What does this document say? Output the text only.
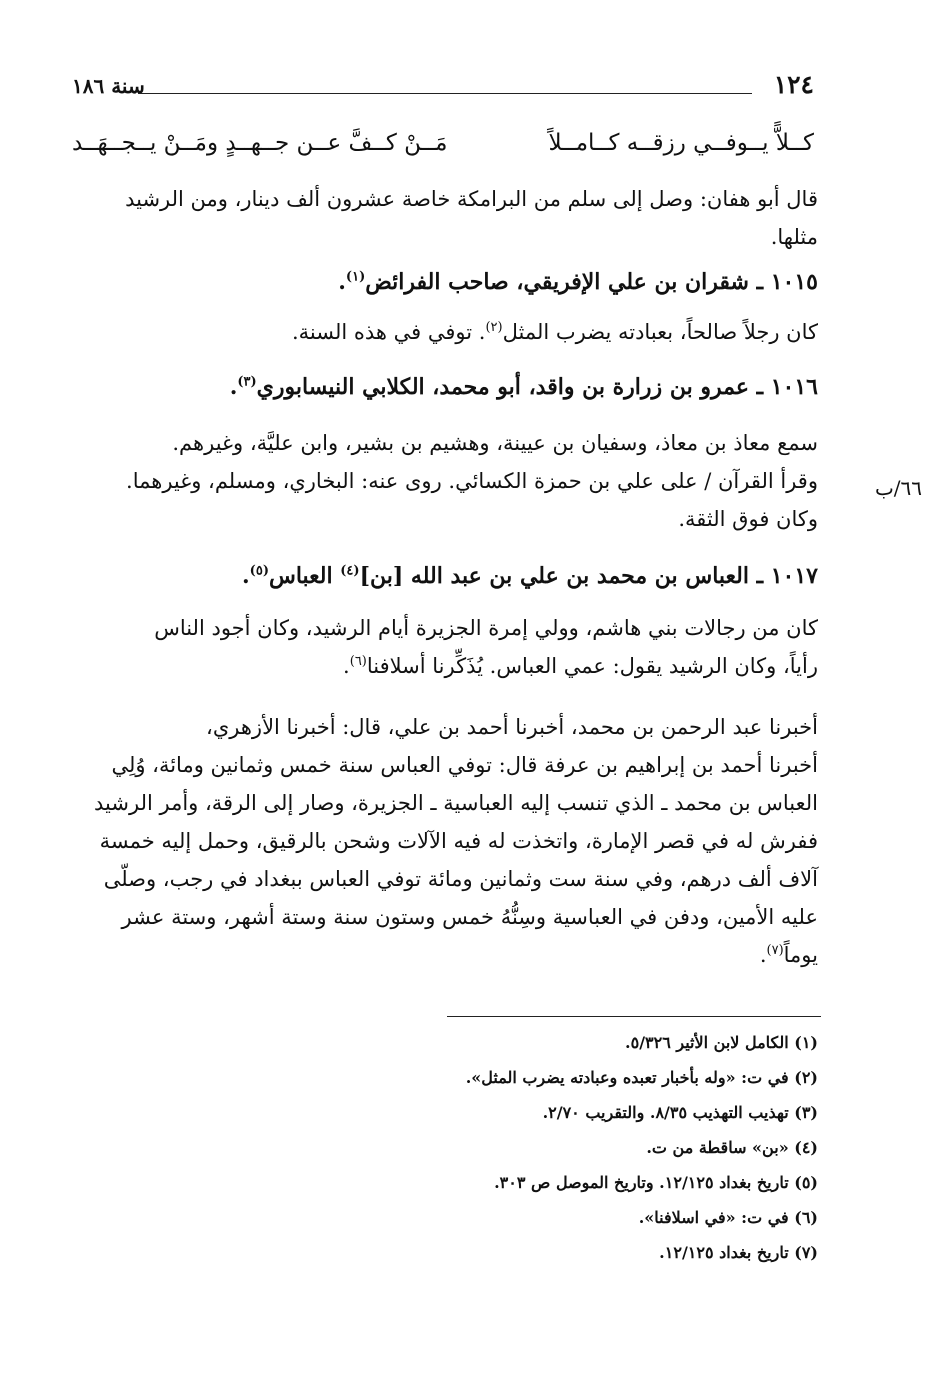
١٢٤
سنة ١٨٦
كــلاًّ يــوفــي رزقــه كــامــلاً
مَــنْ كــفَّ عــن جــهــدٍ ومَــنْ يــجــهَــد
قال أبو هفان: وصل إلى سلم من البرامكة خاصة عشرون ألف دينار، ومن الرشيد
مثلها.
١٠١٥ ـ شقران بن علي الإفريقي، صاحب الفرائض$^{(١)}$.
كان رجلاً صالحاً، بعبادته يضرب المثل$^{(٢)}$. توفي في هذه السنة.
١٠١٦ ـ عمرو بن زرارة بن واقد، أبو محمد، الكلابي النيسابوري$^{(٣)}$.
سمع معاذ بن معاذ، وسفيان بن عيينة، وهشيم بن بشير، وابن عليَّة، وغيرهم.
وقرأ القرآن / على علي بن حمزة الكسائي. روى عنه: البخاري، ومسلم، وغيرهما.
وكان فوق الثقة.
٦٦/ب
١٠١٧ ـ العباس بن محمد بن علي بن عبد الله [بن]$^{(٤)}$ العباس$^{(٥)}$.
كان من رجالات بني هاشم، وولي إمرة الجزيرة أيام الرشيد، وكان أجود الناس
رأياً، وكان الرشيد يقول: عمي العباس. يُذَكِّرنا أسلافنا$^{(٦)}$.
أخبرنا عبد الرحمن بن محمد، أخبرنا أحمد بن علي، قال: أخبرنا الأزهري،
أخبرنا أحمد بن إبراهيم بن عرفة قال: توفي العباس سنة خمس وثمانين ومائة، وُلِي
العباس بن محمد ـ الذي تنسب إليه العباسية ـ الجزيرة، وصار إلى الرقة، وأمر الرشيد
ففرش له في قصر الإمارة، واتخذت له فيه الآلات وشحن بالرقيق، وحمل إليه خمسة
آلاف ألف درهم، وفي سنة ست وثمانين ومائة توفي العباس ببغداد في رجب، وصلّى
عليه الأمين، ودفن في العباسية وسِنُّهُ خمس وستون سنة وستة أشهر، وستة عشر
يوماً$^{(٧)}$.
(١) الكامل لابن الأثير ٥/٣٢٦.
(٢) في ت: «وله بأخبار تعبده وعبادته يضرب المثل».
(٣) تهذيب التهذيب ٨/٣٥. والتقريب ٢/٧٠.
(٤) «بن» ساقطة من ت.
(٥) تاريخ بغداد ١٢/١٢٥. وتاريخ الموصل ص ٣٠٣.
(٦) في ت: «في اسلافنا».
(٧) تاريخ بغداد ١٢/١٢٥.
